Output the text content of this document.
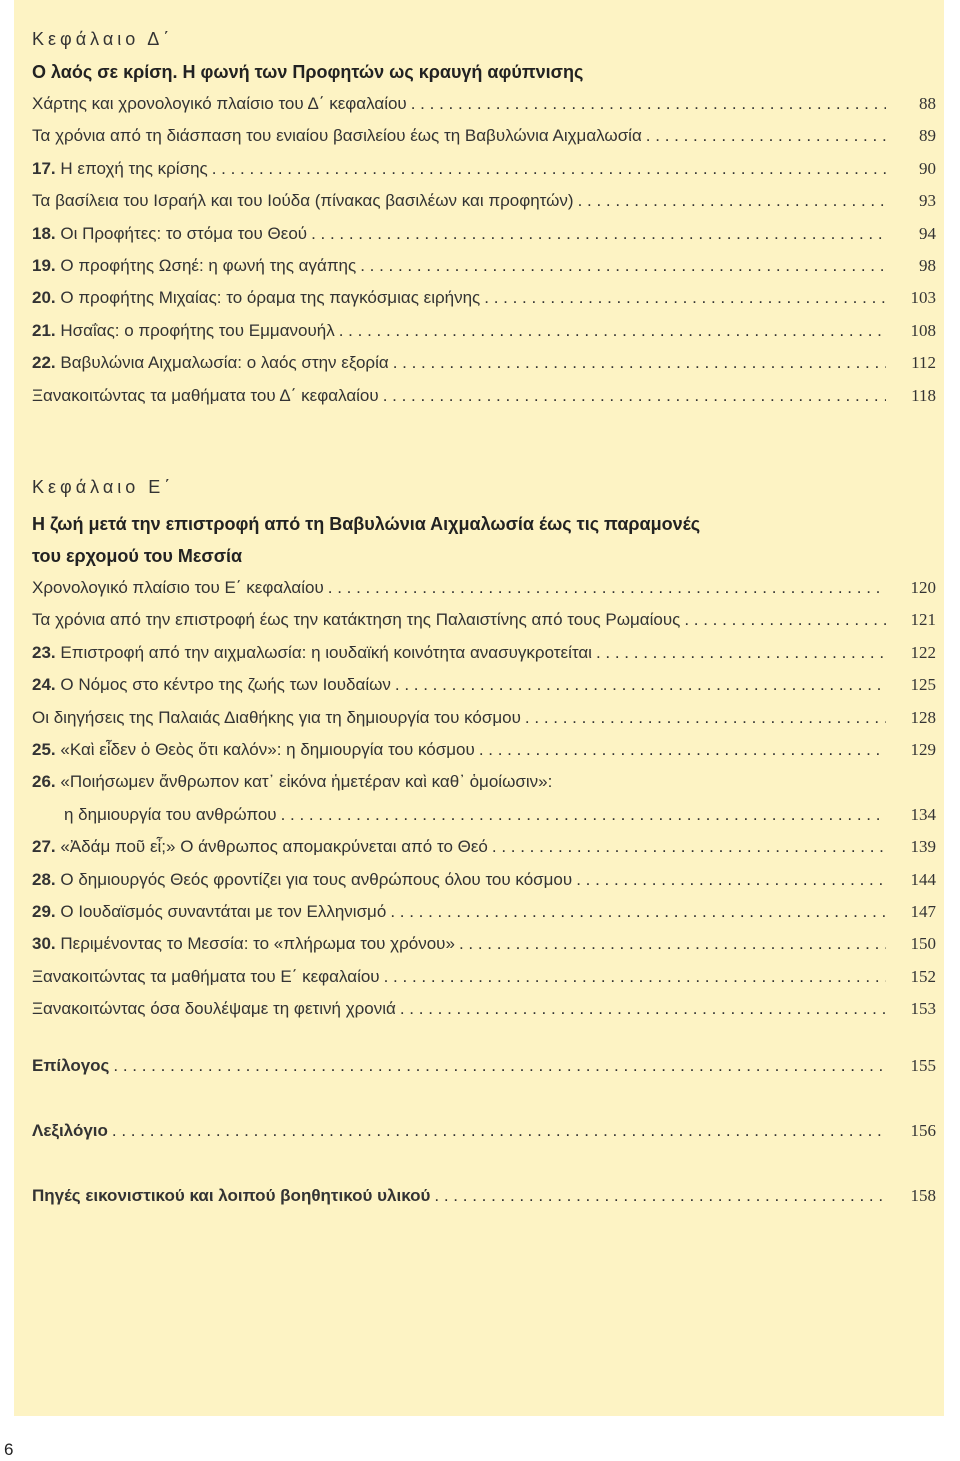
Κεφάλαιο Δ΄
Ο λαός σε κρίση. Η φωνή των Προφητών ως κραυγή αφύπνισης
Χάρτης και χρονολογικό πλαίσιο του Δ΄ κεφαλαίου . . .	88
Τα χρόνια από τη διάσπαση του ενιαίου βασιλείου έως τη Βαβυλώνια Αιχμαλωσία . . .	89
17. Η εποχή της κρίσης . . .	90
Τα βασίλεια του Ισραήλ και του Ιούδα (πίνακας βασιλέων και προφητών) . . .	93
18. Οι Προφήτες: το στόμα του Θεού . . .	94
19. Ο προφήτης Ωσηέ: η φωνή της αγάπης . . .	98
20. Ο προφήτης Μιχαίας: το όραμα της παγκόσμιας ειρήνης . . .	103
21. Ησαΐας: ο προφήτης του Εμμανουήλ . . .	108
22. Βαβυλώνια Αιχμαλωσία: ο λαός στην εξορία . . .	112
Ξανακοιτώντας τα μαθήματα του Δ΄ κεφαλαίου . . .	118
Κεφάλαιο Ε΄
Η ζωή μετά την επιστροφή από τη Βαβυλώνια Αιχμαλωσία έως τις παραμονές
του ερχομού του Μεσσία
Χρονολογικό πλαίσιο του Ε΄ κεφαλαίου . . .	120
Τα χρόνια από την επιστροφή έως την κατάκτηση της Παλαιστίνης από τους Ρωμαίους . . .	121
23. Επιστροφή από την αιχμαλωσία: η ιουδαϊκή κοινότητα ανασυγκροτείται . . .	122
24. Ο Νόμος στο κέντρο της ζωής των Ιουδαίων . . .	125
Οι διηγήσεις της Παλαιάς Διαθήκης για τη δημιουργία του κόσμου . . .	128
25. «Καὶ εἶδεν ὁ Θεὸς ὅτι καλόν»: η δημιουργία του κόσμου . . .	129
26. «Ποιήσωμεν ἄνθρωπον κατ᾽ εἰκόνα ἡμετέραν καὶ καθ᾽ ὁμοίωσιν»:
η δημιουργία του ανθρώπου . . .	134
27. «Ἀδάμ ποῦ εἶ;» Ο άνθρωπος απομακρύνεται από το Θεό . . .	139
28. Ο δημιουργός Θεός φροντίζει για τους ανθρώπους όλου του κόσμου . . .	144
29. Ο Ιουδαϊσμός συναντάται με τον Ελληνισμό . . .	147
30. Περιμένοντας το Μεσσία: το «πλήρωμα του χρόνου» . . .	150
Ξανακοιτώντας τα μαθήματα του Ε΄ κεφαλαίου . . .	152
Ξανακοιτώντας όσα δουλέψαμε τη φετινή χρονιά . . .	153
Επίλογος . . .	155
Λεξιλόγιο . . .	156
Πηγές εικονιστικού και λοιπού βοηθητικού υλικού . . .	158
6
